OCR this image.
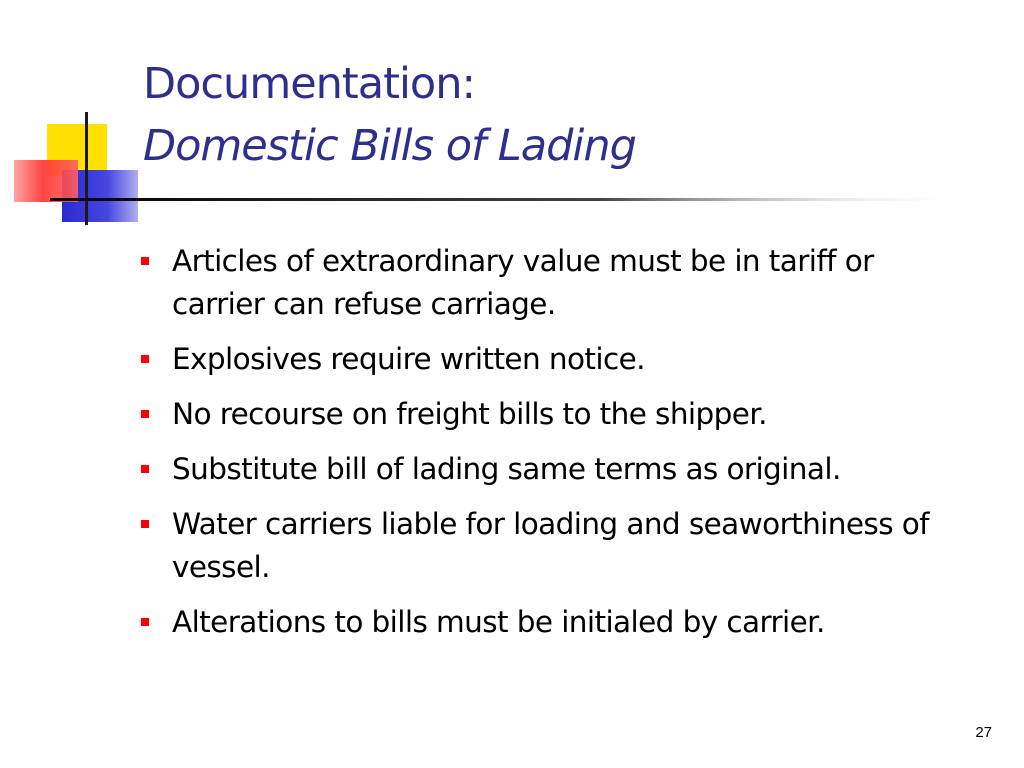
Documentation:
Domestic Bills of Lading
Articles of extraordinary value must be in tariff or carrier can refuse carriage.
Explosives require written notice.
No recourse on freight bills to the shipper.
Substitute bill of lading same terms as original.
Water carriers liable for loading and seaworthiness of vessel.
Alterations to bills must be initialed by carrier.
27
